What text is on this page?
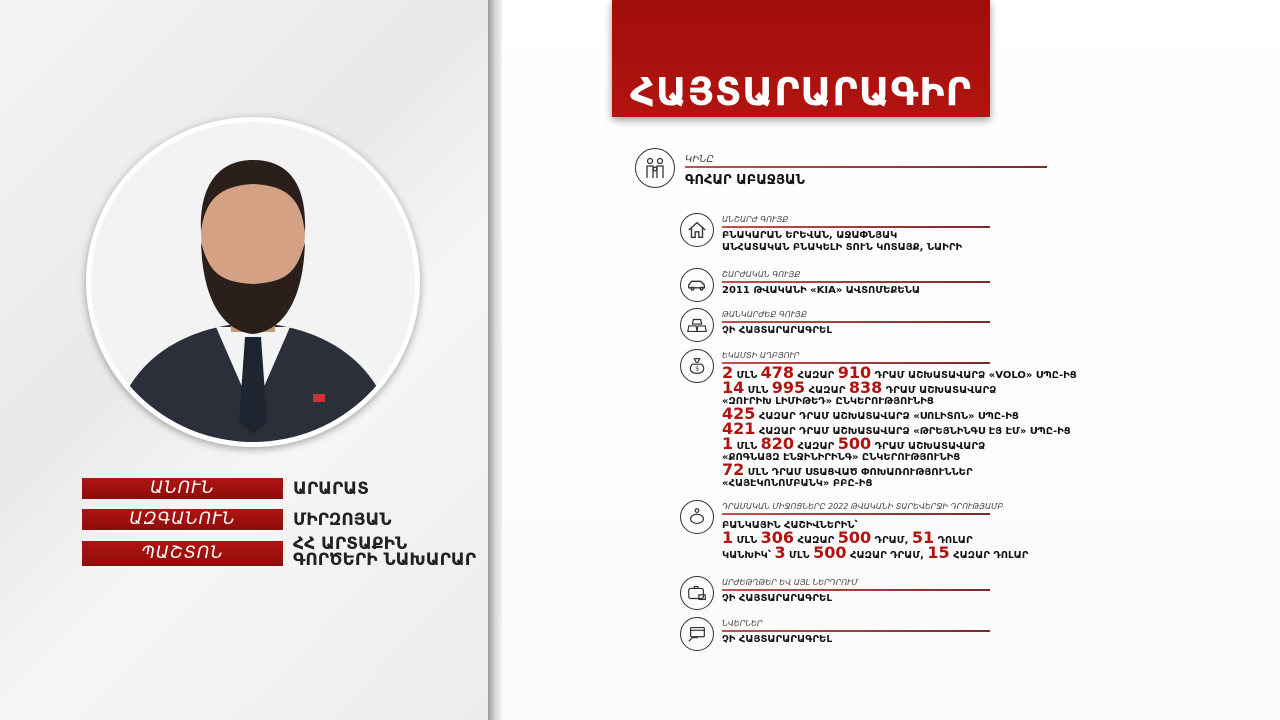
ԱՆՈՒՆ	ԱՐԱՐԱՏ
ԱԶԳԱՆՈՒՆ	ՄԻՐԶՈՅԱՆ
ՊԱՇՏՈՆ	ՀՀ ԱՐՏԱՔԻՆ
ԳՈՐԾԵՐԻ ՆԱԽԱՐԱՐ
ՀԱՅՏԱՐԱՐԱԳԻՐ
ԿԻՆԸ
ԳՈՀԱՐ ԱԲԱՋՅԱՆ
ԱՆՇԱՐԺ ԳՈՒՅՔ
ԲՆԱԿԱՐԱՆ ԵՐԵՎԱՆ, ԱՋԱՓՆՅԱԿ
ԱՆՀԱՏԱԿԱՆ ԲՆԱԿԵԼԻ ՏՈՒՆ ԿՈՏԱՅՔ, ՆԱԻՐԻ
ՇԱՐԺԱԿԱՆ ԳՈՒՅՔ
2011 ԹՎԱԿԱՆԻ «KIA» ԱՎՏՈՄԵՔԵՆԱ
ԹԱՆԿԱՐԺԵՔ ԳՈՒՅՔ
ՉԻ ՀԱՅՏԱՐԱՐԱԳՐԵԼ
$
ԵԿԱՄՏԻ ԱՂԲՅՈՒՐ
2 ՄԼՆ 478 ՀԱԶԱՐ 910 ԴՐԱՄ ԱՇԽԱՏԱՎԱՐՁ «VOLO» ՍՊԸ-ԻՑ
14 ՄԼՆ 995 ՀԱԶԱՐ 838 ԴՐԱՄ ԱՇԽԱՏԱՎԱՐՁ
«ԶՈՒՐԻԽ ԼԻՄԻԹԵԴ» ԸՆԿԵՐՈՒԹՅՈՒՆԻՑ
425 ՀԱԶԱՐ ԴՐԱՄ ԱՇԽԱՏԱՎԱՐՁ «ՍՈԼԻՏՈՆ» ՍՊԸ-ԻՑ
421 ՀԱԶԱՐ ԴՐԱՄ ԱՇԽԱՏԱՎԱՐՁ «ԹՐԵՅՆԻՆԳՍ ԷՅ ԷՄ» ՍՊԸ-ԻՑ
1 ՄԼՆ 820 ՀԱԶԱՐ 500 ԴՐԱՄ ԱՇԽԱՏԱՎԱՐՁ
«ՔՈԳՆԱՅԶ ԷՆՋԻՆԻՐԻՆԳ» ԸՆԿԵՐՈՒԹՅՈՒՆԻՑ
72 ՄԼՆ ԴՐԱՄ ՍՏԱՑՎԱԾ ՓՈԽԱՌՈՒԹՅՈՒՆՆԵՐ
«ՀԱՅԷԿՈՆՈՄԲԱՆԿ» ԲԲԸ-ԻՑ
ԴՐԱՄԱԿԱՆ ՄԻՋՈՑՆԵՐԸ 2022 ԹՎԱԿԱՆԻ ՏԱՐԵՎԵՐՋԻ ԴՐՈՒԹՅԱՄԲ
ԲԱՆԿԱՅԻՆ ՀԱՇԻՎՆԵՐԻՆ՝
1 ՄԼՆ 306 ՀԱԶԱՐ 500 ԴՐԱՄ, 51 ԴՈԼԱՐ
ԿԱՆԽԻԿ՝ 3 ՄԼՆ 500 ՀԱԶԱՐ ԴՐԱՄ, 15 ՀԱԶԱՐ ԴՈԼԱՐ
ԱՐԺԵԹՂԹԵՐ ԵՎ ԱՅԼ ՆԵՐԴՐՈՒՄ
ՉԻ ՀԱՅՏԱՐԱՐԱԳՐԵԼ
ՆՎԵՐՆԵՐ
ՉԻ ՀԱՅՏԱՐԱՐԱԳՐԵԼ
